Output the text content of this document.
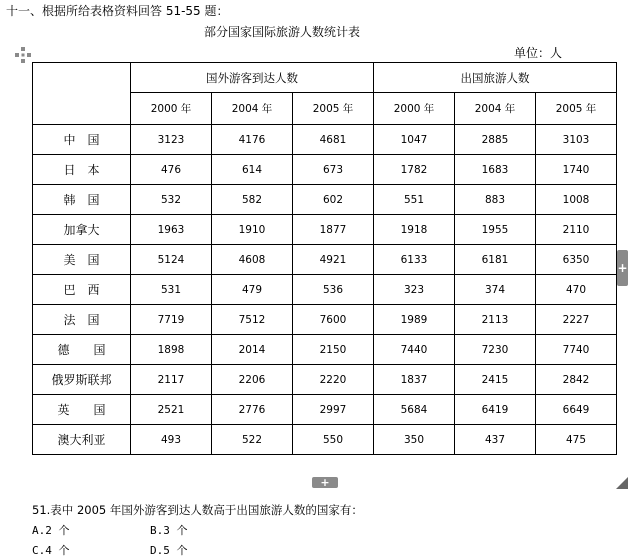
十一、根据所给表格资料回答 51-55 题：
部分国家国际旅游人数统计表
单位：人
	国外游客到达人数			出国旅游人数		
	2000 年	2004 年	2005 年	2000 年	2004 年	2005 年
中　国	3123	4176	4681	1047	2885	3103
日　本	476	614	673	1782	1683	1740
韩　国	532	582	602	551	883	1008
加拿大	1963	1910	1877	1918	1955	2110
美　国	5124	4608	4921	6133	6181	6350
巴　西	531	479	536	323	374	470
法　国	7719	7512	7600	1989	2113	2227
德　　国	1898	2014	2150	7440	7230	7740
俄罗斯联邦	2117	2206	2220	1837	2415	2842
英　　国	2521	2776	2997	5684	6419	6649
澳大利亚	493	522	550	350	437	475
+
+
51.表中 2005 年国外游客到达人数高于出国旅游人数的国家有：
A.2 个	B.3 个
C.4 个	D.5 个
